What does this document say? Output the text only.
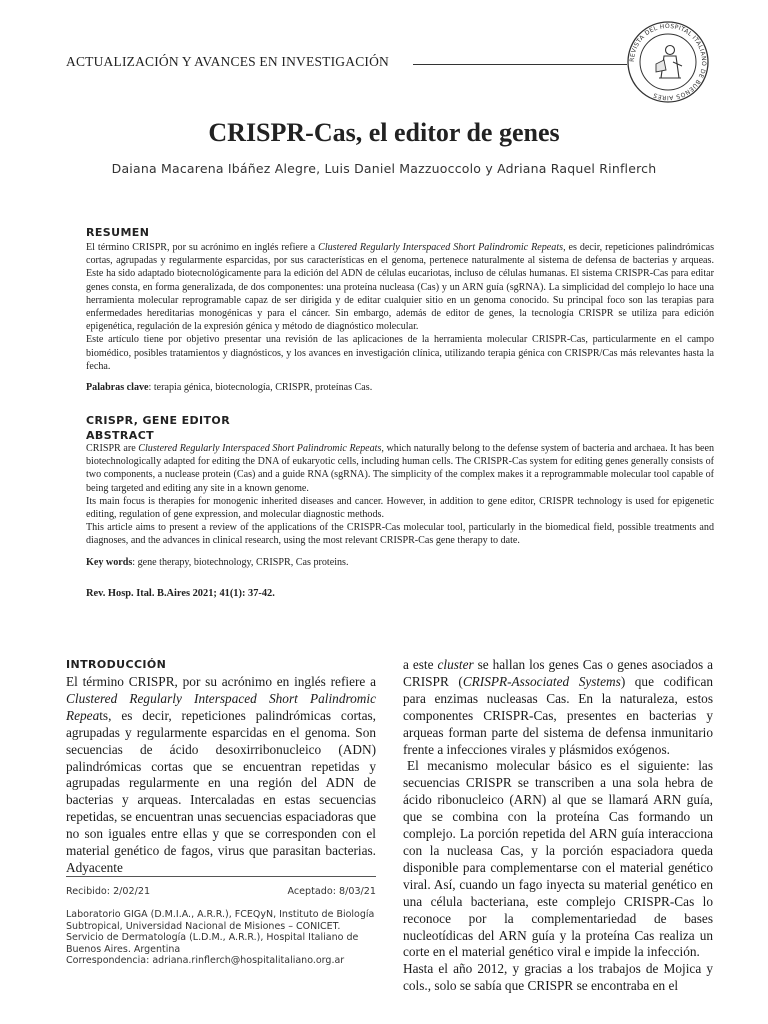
ACTUALIZACIÓN Y AVANCES EN INVESTIGACIÓN	REVISTA DEL HOSPITAL ITALIANO DE BUENOS AIRES
CRISPR-Cas, el editor de genes
Daiana Macarena Ibáñez Alegre, Luis Daniel Mazzuoccolo y Adriana Raquel Rinflerch
RESUMEN

El término CRISPR, por su acrónimo en inglés refiere a Clustered Regularly Interspaced Short Palindromic Repeats, es decir, repeticiones palindrómicas cortas, agrupadas y regularmente esparcidas, por sus características en el genoma, pertenece naturalmente al sistema de defensa de bacterias y arqueas. Este ha sido adaptado biotecnológicamente para la edición del ADN de células eucariotas, incluso de células humanas. El sistema CRISPR-Cas para editar genes consta, en forma generalizada, de dos componentes: una proteína nucleasa (Cas) y un ARN guía (sgRNA). La simplicidad del complejo lo hace una herramienta molecular reprogramable capaz de ser dirigida y de editar cualquier sitio en un genoma conocido. Su principal foco son las terapias para enfermedades hereditarias monogénicas y para el cáncer. Sin embargo, además de editor de genes, la tecnología CRISPR se utiliza para edición epigenética, regulación de la expresión génica y método de diagnóstico molecular.

Este artículo tiene por objetivo presentar una revisión de las aplicaciones de la herramienta molecular CRISPR-Cas, particularmente en el campo biomédico, posibles tratamientos y diagnósticos, y los avances en investigación clínica, utilizando terapia génica con CRISPR/Cas más relevantes hasta la fecha.

Palabras clave: terapia génica, biotecnología, CRISPR, proteínas Cas.
CRISPR, GENE EDITOR
ABSTRACT

CRISPR are Clustered Regularly Interspaced Short Palindromic Repeats, which naturally belong to the defense system of bacteria and archaea. It has been biotechnologically adapted for editing the DNA of eukaryotic cells, including human cells. The CRISPR-Cas system for editing genes generally consists of two components, a nuclease protein (Cas) and a guide RNA (sgRNA). The simplicity of the complex makes it a reprogrammable molecular tool capable of being targeted and editing any site in a known genome.

Its main focus is therapies for monogenic inherited diseases and cancer. However, in addition to gene editor, CRISPR technology is used for epigenetic editing, regulation of gene expression, and molecular diagnostic methods.

This article aims to present a review of the applications of the CRISPR-Cas molecular tool, particularly in the biomedical field, possible treatments and diagnoses, and the advances in clinical research, using the most relevant CRISPR-Cas gene therapy to date.

Key words: gene therapy, biotechnology, CRISPR, Cas proteins.
Rev. Hosp. Ital. B.Aires 2021; 41(1): 37-42.
INTRODUCCIÓN

El término CRISPR, por su acrónimo en inglés refiere a Clustered Regularly Interspaced Short Palindromic Repeats, es decir, repeticiones palindrómicas cortas, agrupadas y regularmente esparcidas en el genoma. Son secuencias de ácido desoxirribonucleico (ADN) palindrómicas cortas que se encuentran repetidas y agrupadas regularmente en una región del ADN de bacterias y arqueas. Intercaladas en estas secuencias repetidas, se encuentran unas secuencias espaciadoras que no son iguales entre ellas y que se corresponden con el material genético de fagos, virus que parasitan bacterias. Adyacente

a este cluster se hallan los genes Cas o genes asociados a CRISPR (CRISPR-Associated Systems) que codifican para enzimas nucleasas Cas. En la naturaleza, estos componentes CRISPR-Cas, presentes en bacterias y arqueas forman parte del sistema de defensa inmunitario frente a infecciones virales y plásmidos exógenos.

El mecanismo molecular básico es el siguiente: las secuencias CRISPR se transcriben a una sola hebra de ácido ribonucleico (ARN) al que se llamará ARN guía, que se combina con la proteína Cas formando un complejo. La porción repetida del ARN guía interacciona con la nucleasa Cas, y la porción espaciadora queda disponible para complementarse con el material genético viral. Así, cuando un fago inyecta su material genético en una célula bacteriana, este complejo CRISPR-Cas lo reconoce por la complementariedad de bases nucleotídicas del ARN guía y la proteína Cas realiza un corte en el material genético viral e impide la infección.

Hasta el año 2012, y gracias a los trabajos de Mojica y cols., solo se sabía que CRISPR se encontraba en el

Recibido: 2/02/21	Aceptado: 8/03/21

Laboratorio GIGA (D.M.I.A., A.R.R.), FCEQyN, Instituto de Biología Subtropical, Universidad Nacional de Misiones – CONICET.

Servicio de Dermatología (L.D.M., A.R.R.), Hospital Italiano de Buenos Aires. Argentina

Correspondencia: adriana.rinflerch@hospitalitaliano.org.ar
